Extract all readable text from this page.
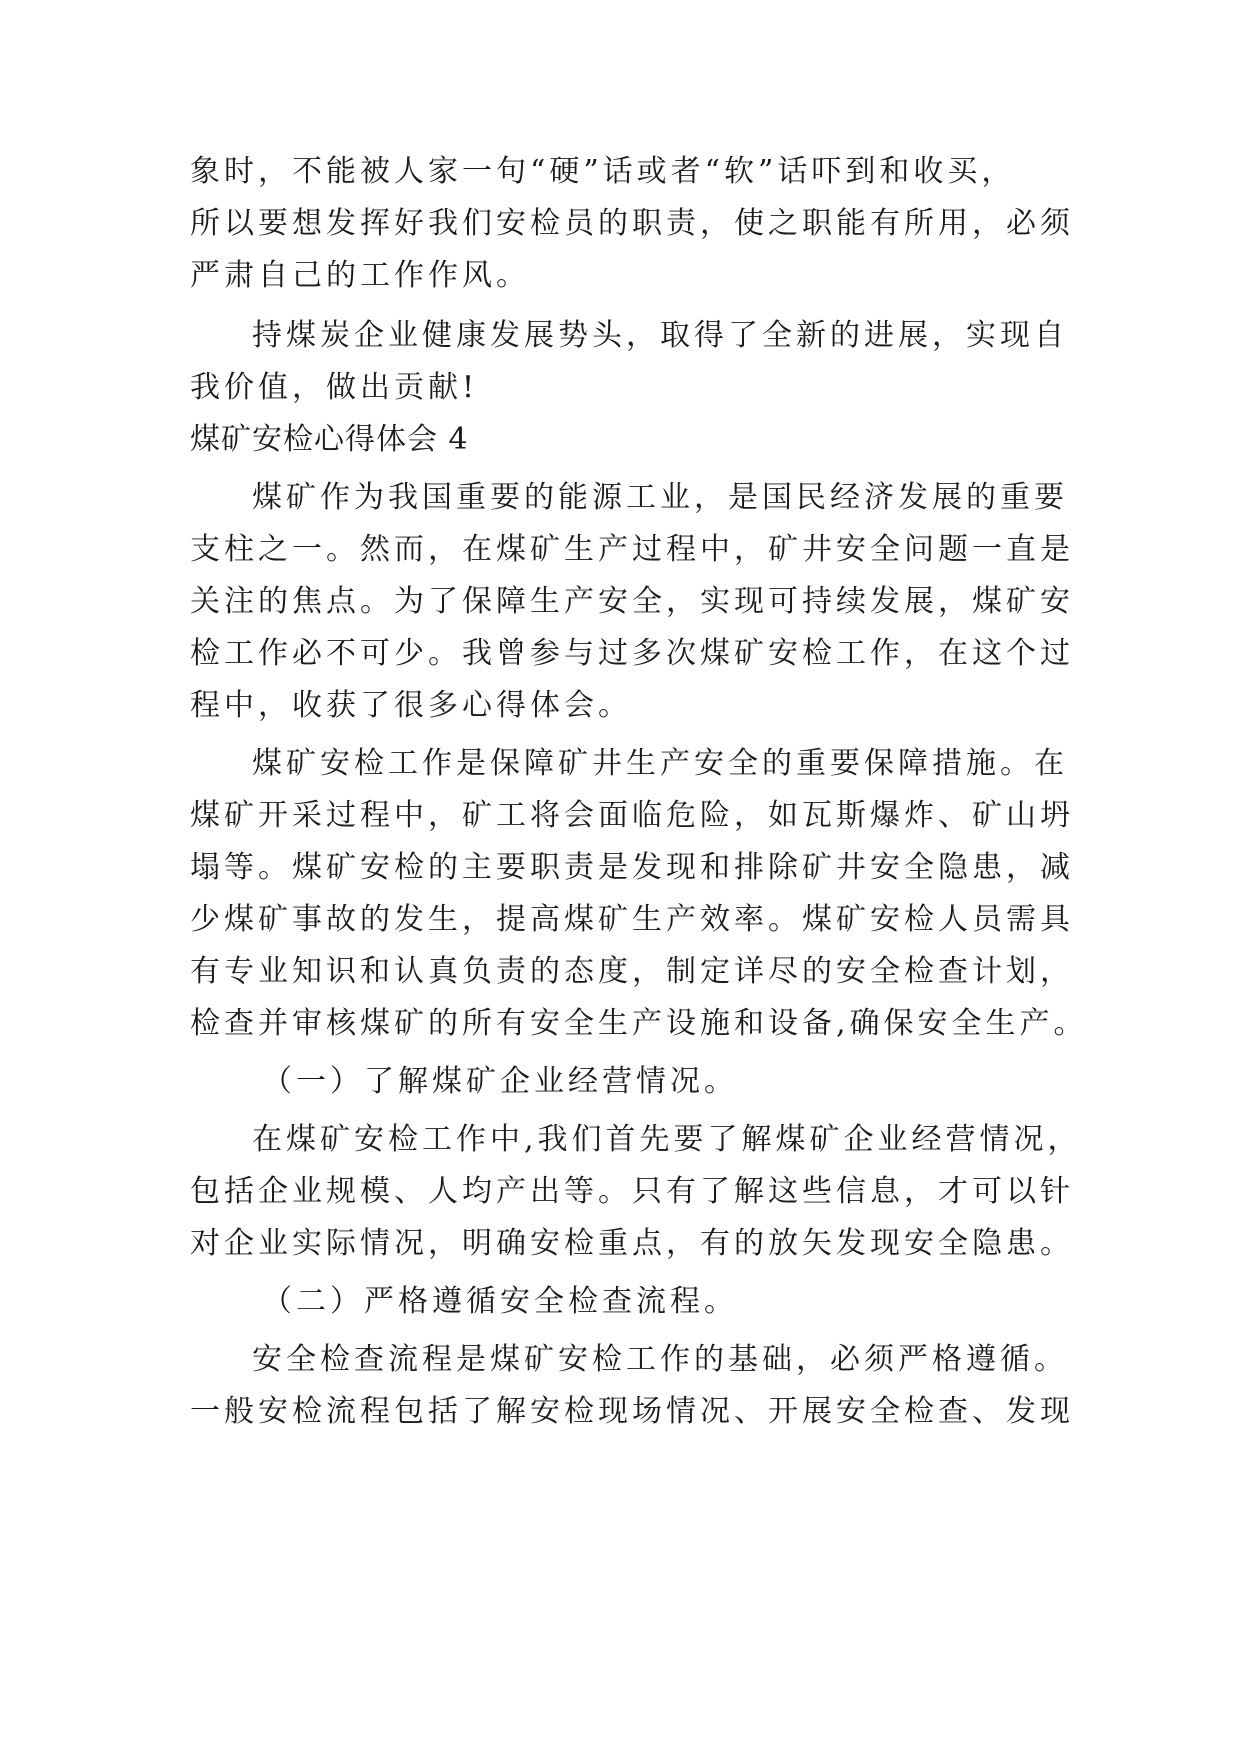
象时，不能被人家一句“硬”话或者“软”话吓到和收买，
所以要想发挥好我们安检员的职责，使之职能有所用，必须
严肃自己的工作作风。
持煤炭企业健康发展势头，取得了全新的进展，实现自
我价值，做出贡献!
煤矿安检心得体会 4
煤矿作为我国重要的能源工业，是国民经济发展的重要
支柱之一。然而，在煤矿生产过程中，矿井安全问题一直是
关注的焦点。为了保障生产安全，实现可持续发展，煤矿安
检工作必不可少。我曾参与过多次煤矿安检工作，在这个过
程中，收获了很多心得体会。
煤矿安检工作是保障矿井生产安全的重要保障措施。在
煤矿开采过程中，矿工将会面临危险，如瓦斯爆炸、矿山坍
塌等。煤矿安检的主要职责是发现和排除矿井安全隐患，减
少煤矿事故的发生，提高煤矿生产效率。煤矿安检人员需具
有专业知识和认真负责的态度，制定详尽的安全检查计划，
检查并审核煤矿的所有安全生产设施和设备,确保安全生产。
（一）了解煤矿企业经营情况。
在煤矿安检工作中,我们首先要了解煤矿企业经营情况，
包括企业规模、人均产出等。只有了解这些信息，才可以针
对企业实际情况，明确安检重点，有的放矢发现安全隐患。
（二）严格遵循安全检查流程。
安全检查流程是煤矿安检工作的基础，必须严格遵循。
一般安检流程包括了解安检现场情况、开展安全检查、发现
